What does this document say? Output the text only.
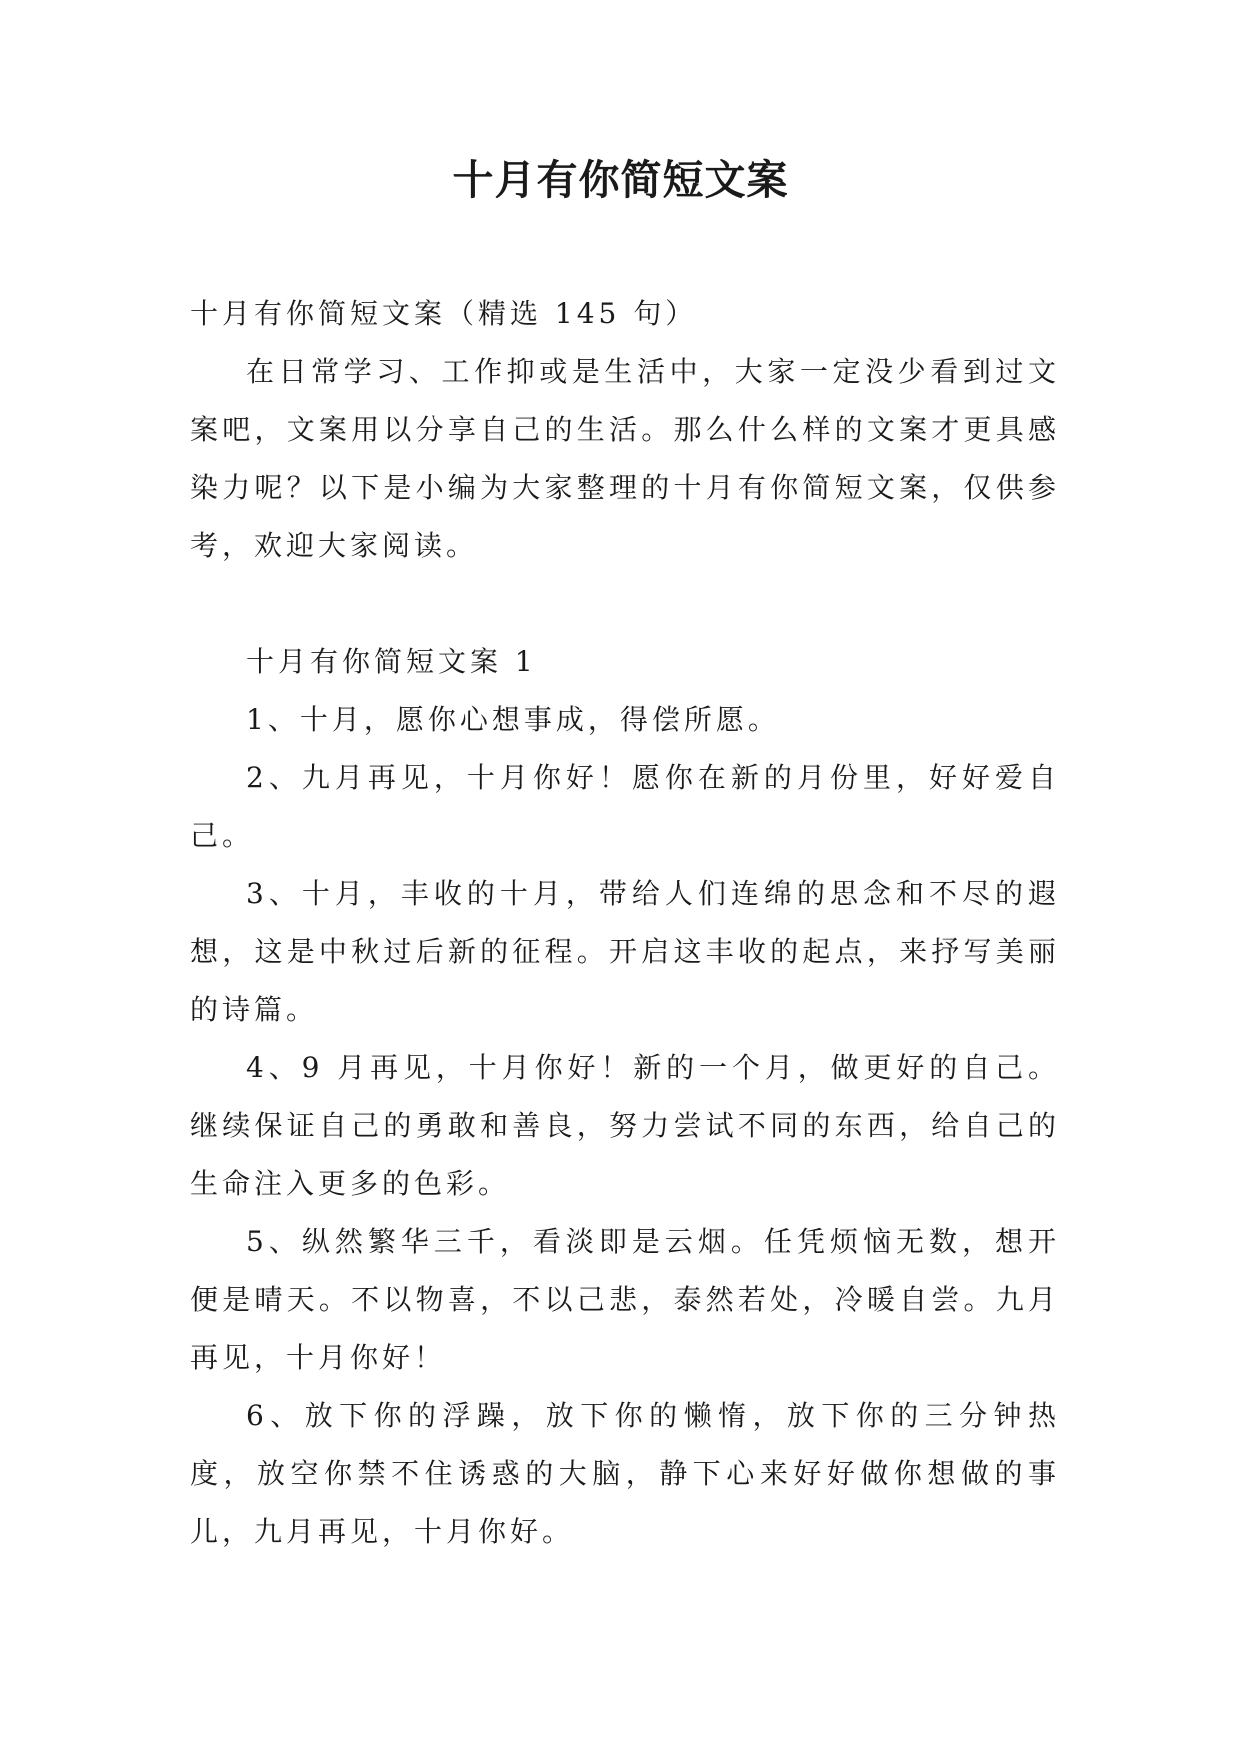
十月有你简短文案

十月有你简短文案（精选 145 句）

在日常学习、工作抑或是生活中，大家一定没少看到过文案吧，文案用以分享自己的生活。那么什么样的文案才更具感染力呢？以下是小编为大家整理的十月有你简短文案，仅供参考，欢迎大家阅读。

十月有你简短文案 1

1、十月，愿你心想事成，得偿所愿。

2、九月再见，十月你好！愿你在新的月份里，好好爱自己。

3、十月，丰收的十月，带给人们连绵的思念和不尽的遐想，这是中秋过后新的征程。开启这丰收的起点，来抒写美丽的诗篇。

4、9 月再见，十月你好！新的一个月，做更好的自己。继续保证自己的勇敢和善良，努力尝试不同的东西，给自己的生命注入更多的色彩。

5、纵然繁华三千，看淡即是云烟。任凭烦恼无数，想开便是晴天。不以物喜，不以己悲，泰然若处，冷暖自尝。九月再见，十月你好！

6、放下你的浮躁，放下你的懒惰，放下你的三分钟热度，放空你禁不住诱惑的大脑，静下心来好好做你想做的事儿，九月再见，十月你好。
